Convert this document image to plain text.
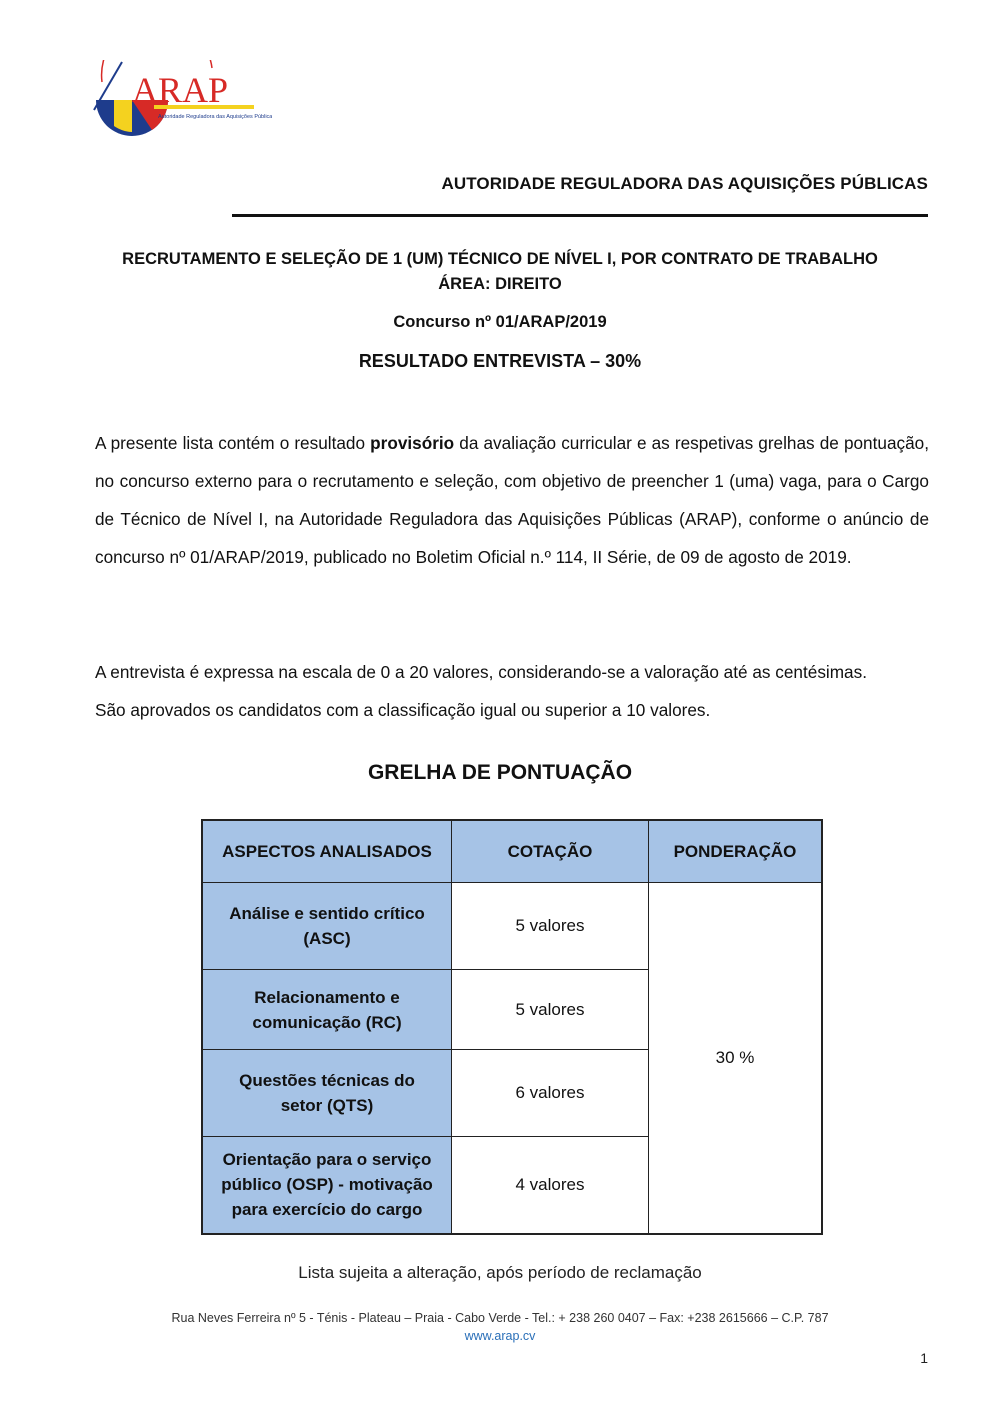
ARAP
Autoridade Reguladora das Aquisições Públicas
AUTORIDADE REGULADORA DAS AQUISIÇÕES PÚBLICAS
RECRUTAMENTO E SELEÇÃO DE 1 (UM) TÉCNICO DE NÍVEL I, POR CONTRATO DE TRABALHO
ÁREA: DIREITO
Concurso nº 01/ARAP/2019
RESULTADO ENTREVISTA – 30%
A presente lista contém o resultado provisório da avaliação curricular e as respetivas grelhas de pontuação, no concurso externo para o recrutamento e seleção, com objetivo de preencher 1 (uma) vaga, para o Cargo de Técnico de Nível I, na Autoridade Reguladora das Aquisições Públicas (ARAP), conforme o anúncio de concurso nº 01/ARAP/2019, publicado no Boletim Oficial n.º 114, II Série, de 09 de agosto de 2019.
A entrevista é expressa na escala de 0 a 20 valores, considerando-se a valoração até as centésimas.
São aprovados os candidatos com a classificação igual ou superior a 10 valores.
GRELHA DE PONTUAÇÃO
ASPECTOS ANALISADOS	COTAÇÃO	PONDERAÇÃO

Análise e sentido crítico
(ASC)	5 valores	30 %

Relacionamento e
comunicação (RC)	5 valores	

Questões técnicas do
setor (QTS)	6 valores	

Orientação para o serviço
público (OSP) - motivação
para exercício do cargo	4 valores	
Lista sujeita a alteração, após período de reclamação
Rua Neves Ferreira nº 5 - Ténis - Plateau – Praia - Cabo Verde - Tel.: + 238 260 0407 – Fax: +238 2615666 – C.P. 787
www.arap.cv
1
